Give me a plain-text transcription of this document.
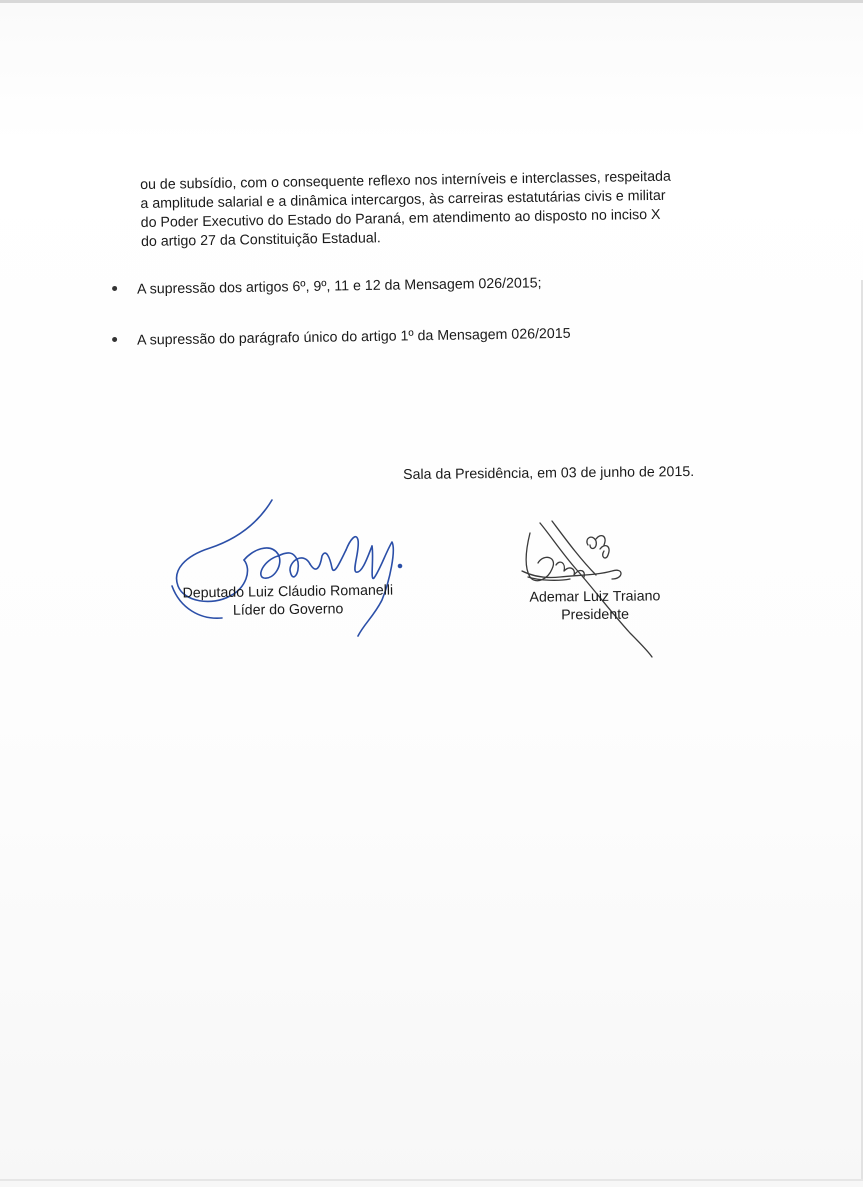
ou de subsídio, com o consequente reflexo nos interníveis e interclasses, respeitada
a amplitude salarial e a dinâmica intercargos, às carreiras estatutárias civis e militar
do Poder Executivo do Estado do Paraná, em atendimento ao disposto no inciso X
do artigo 27 da Constituição Estadual.
A supressão dos artigos 6º, 9º, 11 e 12 da Mensagem 026/2015;
A supressão do parágrafo único do artigo 1º da Mensagem 026/2015
Sala da Presidência, em 03 de junho de 2015.
Deputado Luiz Cláudio Romanelli
Líder do Governo
Ademar Luiz Traiano
Presidente
